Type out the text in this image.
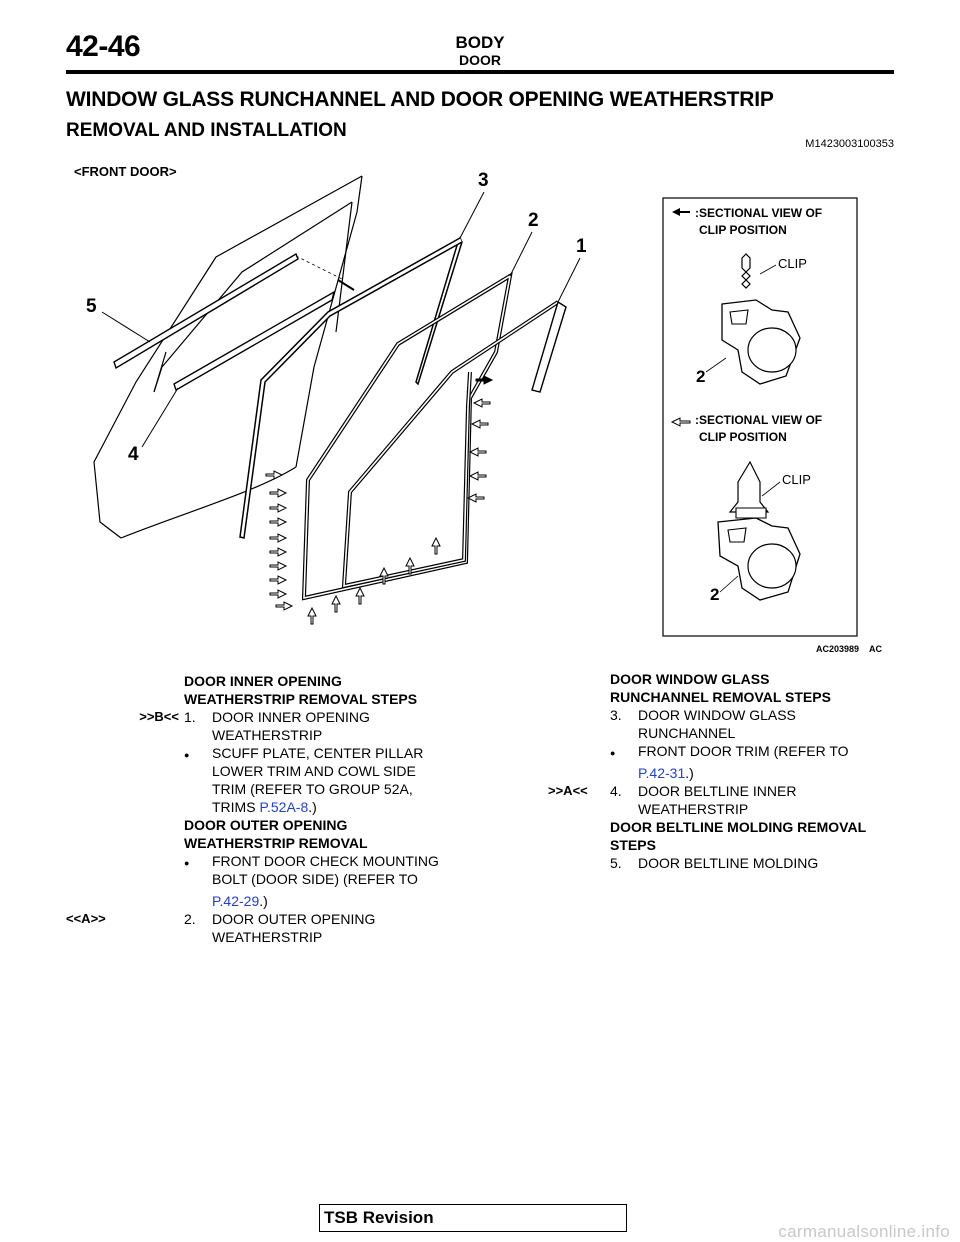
42-46	BODY
DOOR
WINDOW GLASS RUNCHANNEL AND DOOR OPENING WEATHERSTRIP
REMOVAL AND INSTALLATION
M1423003100353
<FRONT DOOR>	3
2
1
5
4
:SECTIONAL VIEW OF
CLIP POSITION
CLIP
2
:SECTIONAL VIEW OF
CLIP POSITION
CLIP
2
AC203989 AC
DOOR INNER OPENING
WEATHERSTRIP REMOVAL STEPS
>>B<< 1. DOOR INNER OPENING
WEATHERSTRIP
● SCUFF PLATE, CENTER PILLAR
LOWER TRIM AND COWL SIDE
TRIM (REFER TO GROUP 52A,
TRIMS P.52A-8.)
DOOR OUTER OPENING
WEATHERSTRIP REMOVAL
● FRONT DOOR CHECK MOUNTING
BOLT (DOOR SIDE) (REFER TO
P.42-29.)
<<A>>	2. DOOR OUTER OPENING
WEATHERSTRIP
DOOR WINDOW GLASS
RUNCHANNEL REMOVAL STEPS
3. DOOR WINDOW GLASS
RUNCHANNEL
● FRONT DOOR TRIM (REFER TO
P.42-31.)
>>A<<	4. DOOR BELTLINE INNER
WEATHERSTRIP
DOOR BELTLINE MOLDING REMOVAL
STEPS
5. DOOR BELTLINE MOLDING
TSB Revision
carmanualsonline.info
